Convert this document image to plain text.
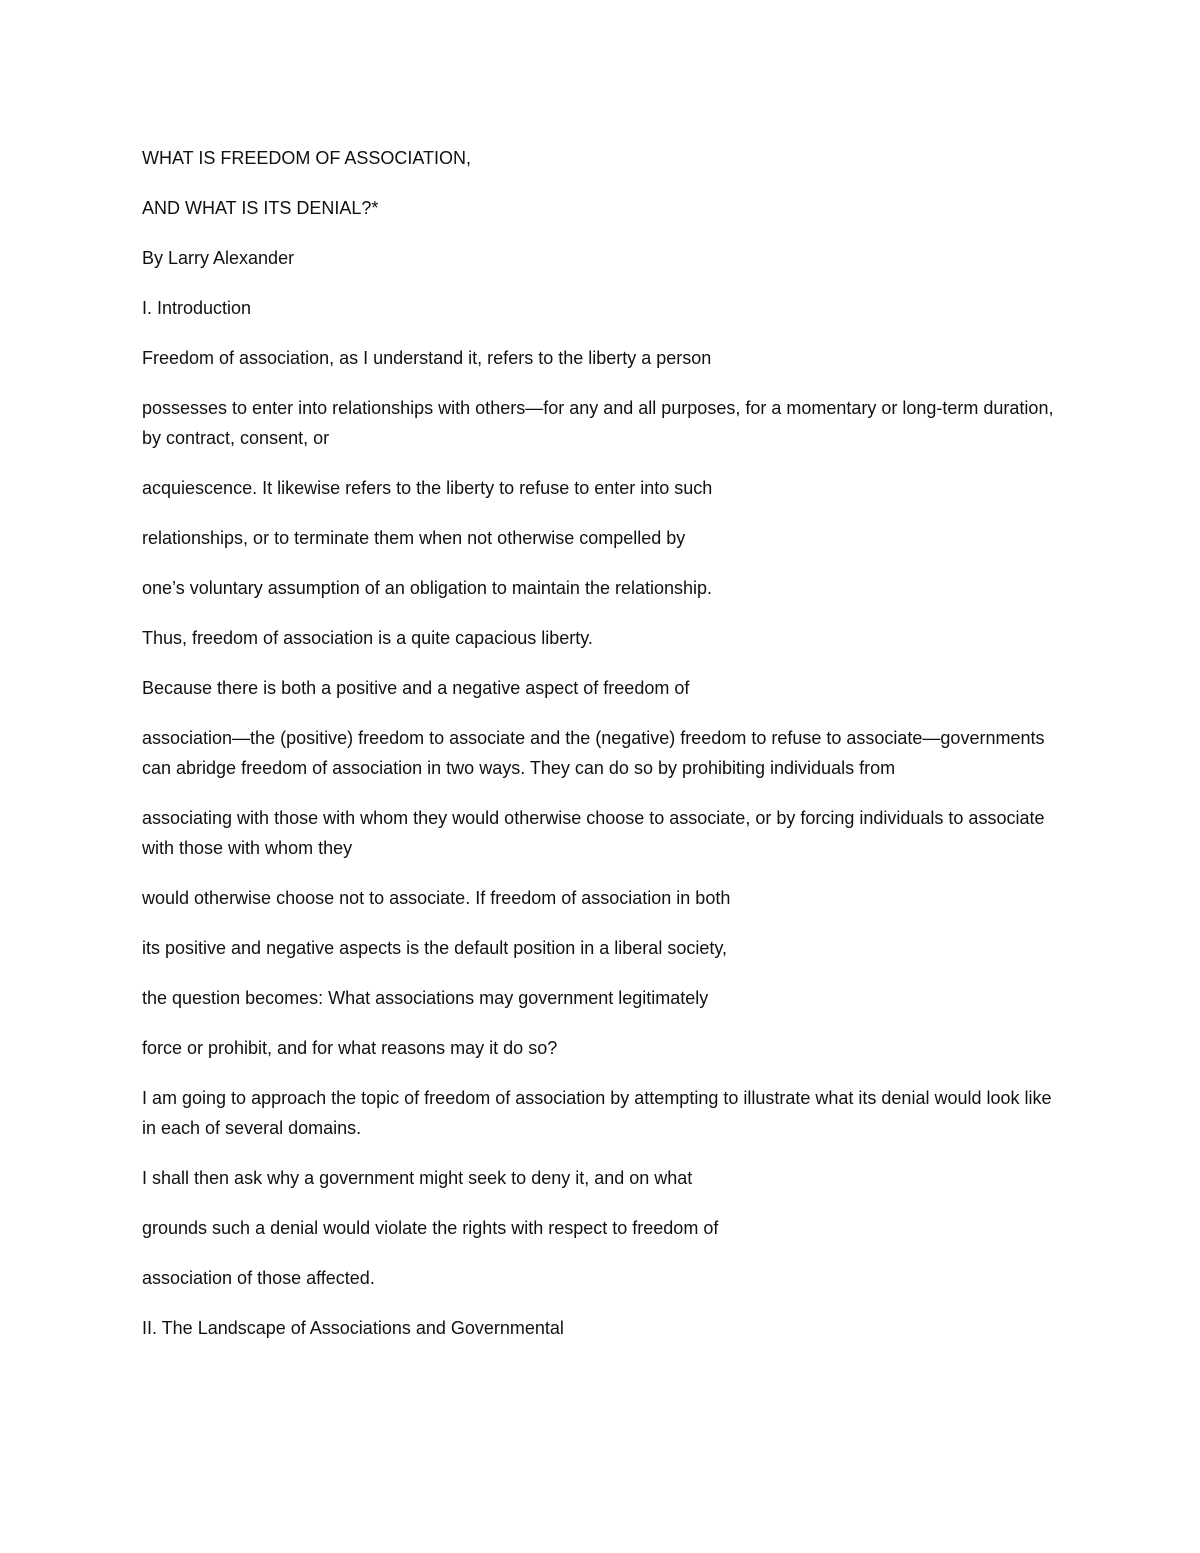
WHAT IS FREEDOM OF ASSOCIATION,

AND WHAT IS ITS DENIAL?*

By Larry Alexander

I. Introduction

Freedom of association, as I understand it, refers to the liberty a person

possesses to enter into relationships with others—for any and all purposes, for a momentary or long-term duration, by contract, consent, or

acquiescence. It likewise refers to the liberty to refuse to enter into such

relationships, or to terminate them when not otherwise compelled by

one’s voluntary assumption of an obligation to maintain the relationship.

Thus, freedom of association is a quite capacious liberty.

Because there is both a positive and a negative aspect of freedom of

association—the (positive) freedom to associate and the (negative) freedom to refuse to associate—governments can abridge freedom of association in two ways. They can do so by prohibiting individuals from

associating with those with whom they would otherwise choose to associate, or by forcing individuals to associate with those with whom they

would otherwise choose not to associate. If freedom of association in both

its positive and negative aspects is the default position in a liberal society,

the question becomes: What associations may government legitimately

force or prohibit, and for what reasons may it do so?

I am going to approach the topic of freedom of association by attempting to illustrate what its denial would look like in each of several domains.

I shall then ask why a government might seek to deny it, and on what

grounds such a denial would violate the rights with respect to freedom of

association of those affected.

II. The Landscape of Associations and Governmental
